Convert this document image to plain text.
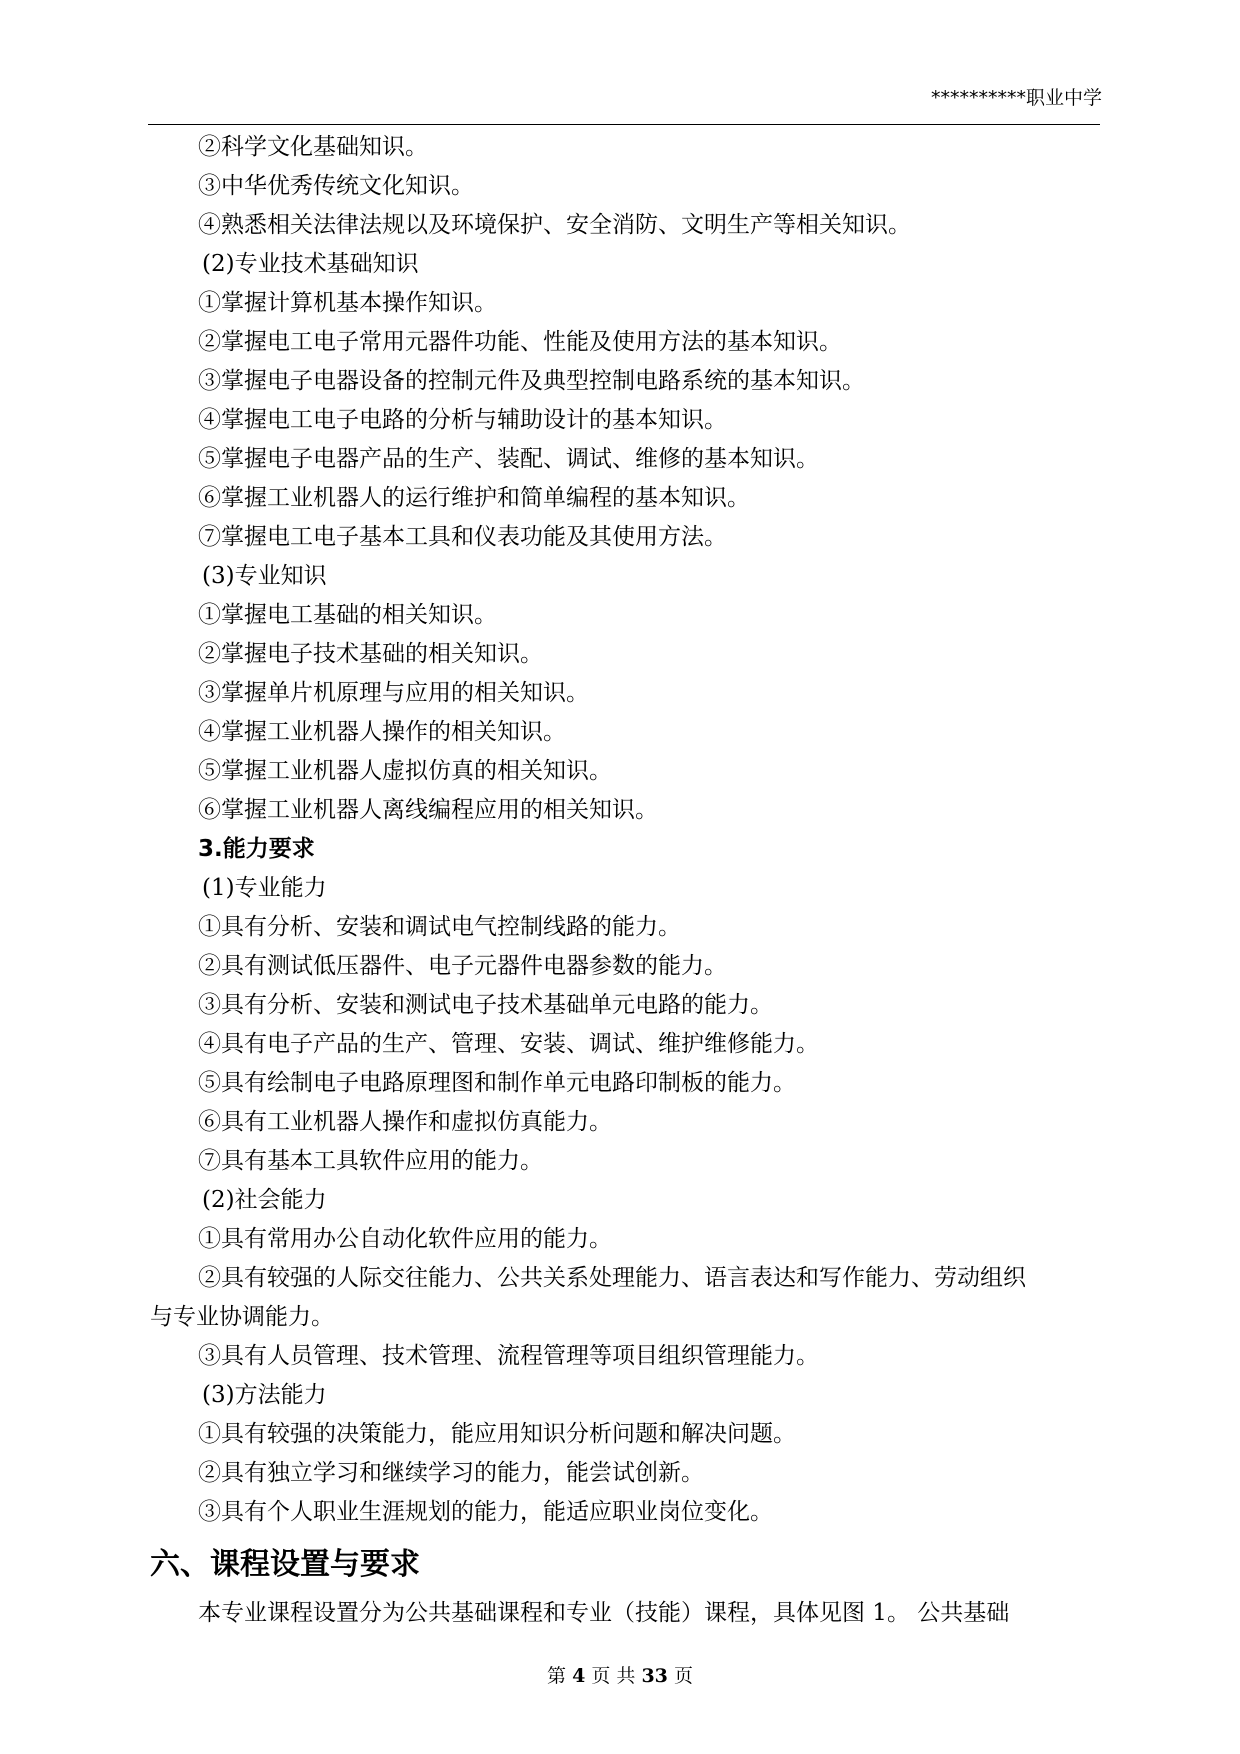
**********职业中学
②科学文化基础知识。
③中华优秀传统文化知识。
④熟悉相关法律法规以及环境保护、安全消防、文明生产等相关知识。
(2)专业技术基础知识
①掌握计算机基本操作知识。
②掌握电工电子常用元器件功能、性能及使用方法的基本知识。
③掌握电子电器设备的控制元件及典型控制电路系统的基本知识。
④掌握电工电子电路的分析与辅助设计的基本知识。
⑤掌握电子电器产品的生产、装配、调试、维修的基本知识。
⑥掌握工业机器人的运行维护和简单编程的基本知识。
⑦掌握电工电子基本工具和仪表功能及其使用方法。
(3)专业知识
①掌握电工基础的相关知识。
②掌握电子技术基础的相关知识。
③掌握单片机原理与应用的相关知识。
④掌握工业机器人操作的相关知识。
⑤掌握工业机器人虚拟仿真的相关知识。
⑥掌握工业机器人离线编程应用的相关知识。
3.能力要求
(1)专业能力
①具有分析、安装和调试电气控制线路的能力。
②具有测试低压器件、电子元器件电器参数的能力。
③具有分析、安装和测试电子技术基础单元电路的能力。
④具有电子产品的生产、管理、安装、调试、维护维修能力。
⑤具有绘制电子电路原理图和制作单元电路印制板的能力。
⑥具有工业机器人操作和虚拟仿真能力。
⑦具有基本工具软件应用的能力。
(2)社会能力
①具有常用办公自动化软件应用的能力。
②具有较强的人际交往能力、公共关系处理能力、语言表达和写作能力、劳动组织
与专业协调能力。
③具有人员管理、技术管理、流程管理等项目组织管理能力。
(3)方法能力
①具有较强的决策能力，能应用知识分析问题和解决问题。
②具有独立学习和继续学习的能力，能尝试创新。
③具有个人职业生涯规划的能力，能适应职业岗位变化。
六、课程设置与要求
本专业课程设置分为公共基础课程和专业（技能）课程，具体见图 1。 公共基础
第 4 页 共 33 页
